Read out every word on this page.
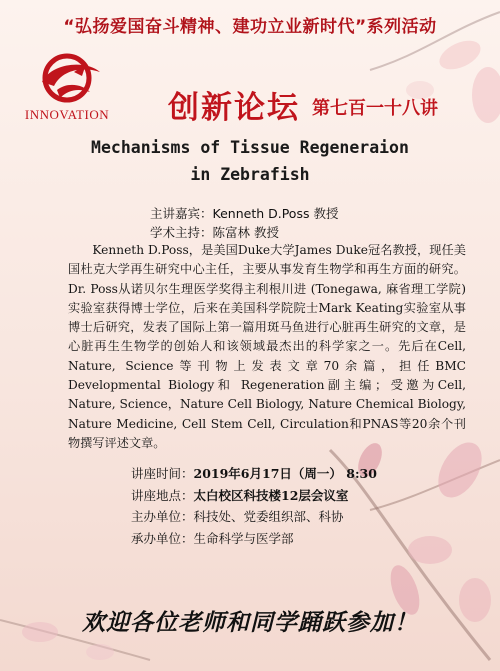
“弘扬爱国奋斗精神、建功立业新时代”系列活动
INNOVATION	创新论坛 第七百一十八讲
Mechanisms of Tissue Regeneraion
in Zebrafish
主讲嘉宾：Kenneth D.Poss 教授
学术主持：陈富林 教授

Kenneth D.Poss，是美国Duke大学James Duke冠名教授，现任美国杜克大学再生研究中心主任，主要从事发育生物学和再生方面的研究。 Dr. Poss从诺贝尔生理医学奖得主利根川进 (Tonegawa, 麻省理工学院) 实验室获得博士学位，后来在美国科学院院士Mark Keating实验室从事博士后研究，发表了国际上第一篇用斑马鱼进行心脏再生研究的文章，是心脏再生生物学的创始人和该领域最杰出的科学家之一。先后在Cell, Nature, Science等刊物上发表文章70余篇，担任BMC Developmental Biology和 Regeneration副主编；受邀为Cell, Nature, Science，Nature Cell Biology, Nature Chemical Biology, Nature Medicine, Cell Stem Cell, Circulation和PNAS等20余个刊物撰写评述文章。

讲座时间：2019年6月17日（周一） 8:30
讲座地点：太白校区科技楼12层会议室
主办单位：科技处、党委组织部、科协
承办单位：生命科学与医学部
欢迎各位老师和同学踊跃参加！
